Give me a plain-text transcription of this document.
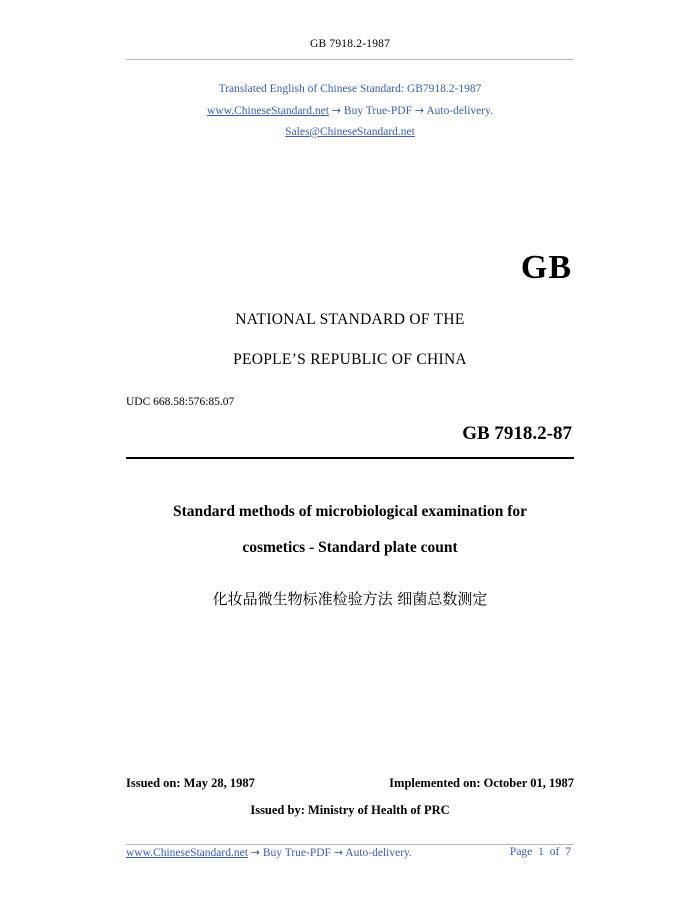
GB 7918.2-1987
Translated English of Chinese Standard: GB7918.2-1987
www.ChineseStandard.net → Buy True-PDF → Auto-delivery.
Sales@ChineseStandard.net
GB
NATIONAL STANDARD OF THE
PEOPLE’S REPUBLIC OF CHINA
UDC 668.58:576:85.07
GB 7918.2-87
Standard methods of microbiological examination for
cosmetics - Standard plate count
化妆品微生物标准检验方法 细菌总数测定
Issued on: May 28, 1987	Implemented on: October 01, 1987
Issued by: Ministry of Health of PRC
www.ChineseStandard.net → Buy True-PDF → Auto-delivery.	Page 1 of 7
